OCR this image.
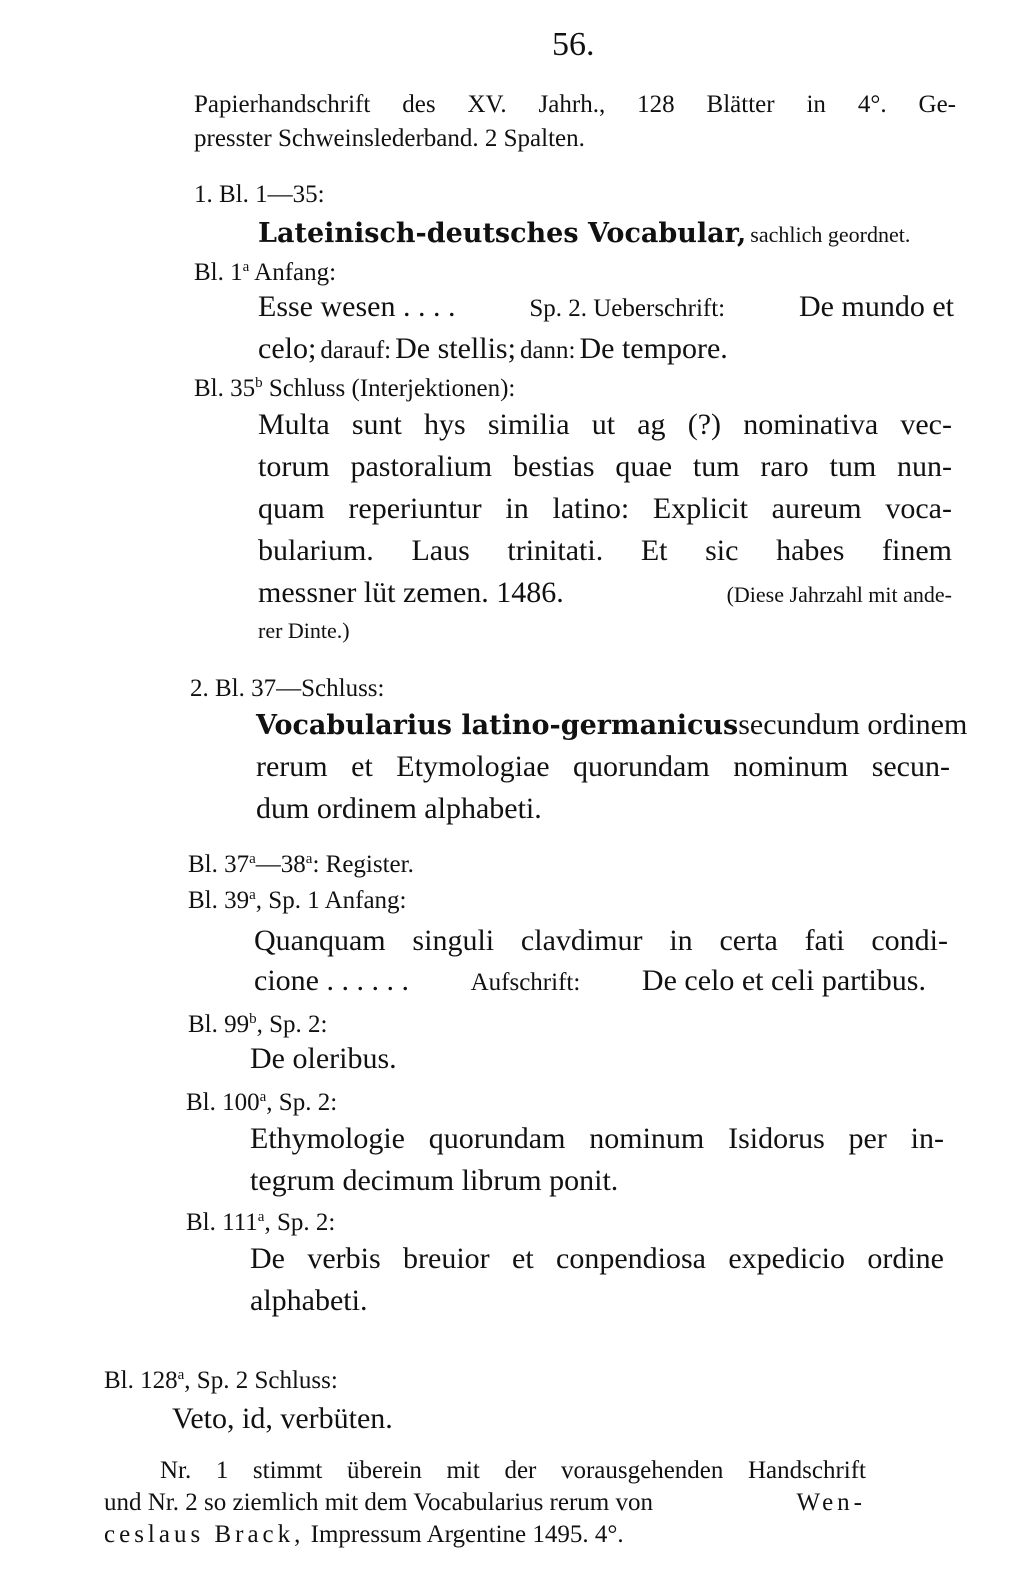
56.
Papierhandschrift des XV. Jahrh., 128 Blätter in 4°. Ge-
presster Schweinslederband. 2 Spalten.
1. Bl. 1—35:
Lateinisch-deutsches Vocabular, sachlich geordnet.
Bl. 1$^a$ Anfang:
Esse wesen . . . .	Sp. 2. Ueberschrift: De mundo et
celo; darauf: De stellis; dann: De tempore.
Bl. 35$^b$ Schluss (Interjektionen):
Multa sunt hys similia ut ag (?) nominativa vec-
torum pastoralium bestias quae tum raro tum nun-
quam reperiuntur in latino: Explicit aureum voca-
bularium. Laus trinitati. Et sic habes finem
messner lüt zemen. 1486.	(Diese Jahrzahl mit ande-
rer Dinte.)
2. Bl. 37—Schluss:
Vocabularius latino-germanicus secundum ordinem
rerum et Etymologiae quorundam nominum secun-
dum ordinem alphabeti.
Bl. 37$^a$—38$^a$: Register.
Bl. 39$^a$, Sp. 1 Anfang:
Quanquam singuli clavdimur in certa fati condi-
cione . . . . . . Aufschrift: De celo et celi partibus.
Bl. 99$^b$, Sp. 2:
De oleribus.
Bl. 100$^a$, Sp. 2:
Ethymologie quorundam nominum Isidorus per in-
tegrum decimum librum ponit.
Bl. 111$^a$, Sp. 2:
De verbis breuior et conpendiosa expedicio ordine
alphabeti.
Bl. 128$^a$, Sp. 2 Schluss:
Veto, id, verbüten.
Nr. 1 stimmt überein mit der vorausgehenden Handschrift
und Nr. 2 so ziemlich mit dem Vocabularius rerum von	Wen-
ceslaus Brack, Impressum Argentine 1495. 4°.
